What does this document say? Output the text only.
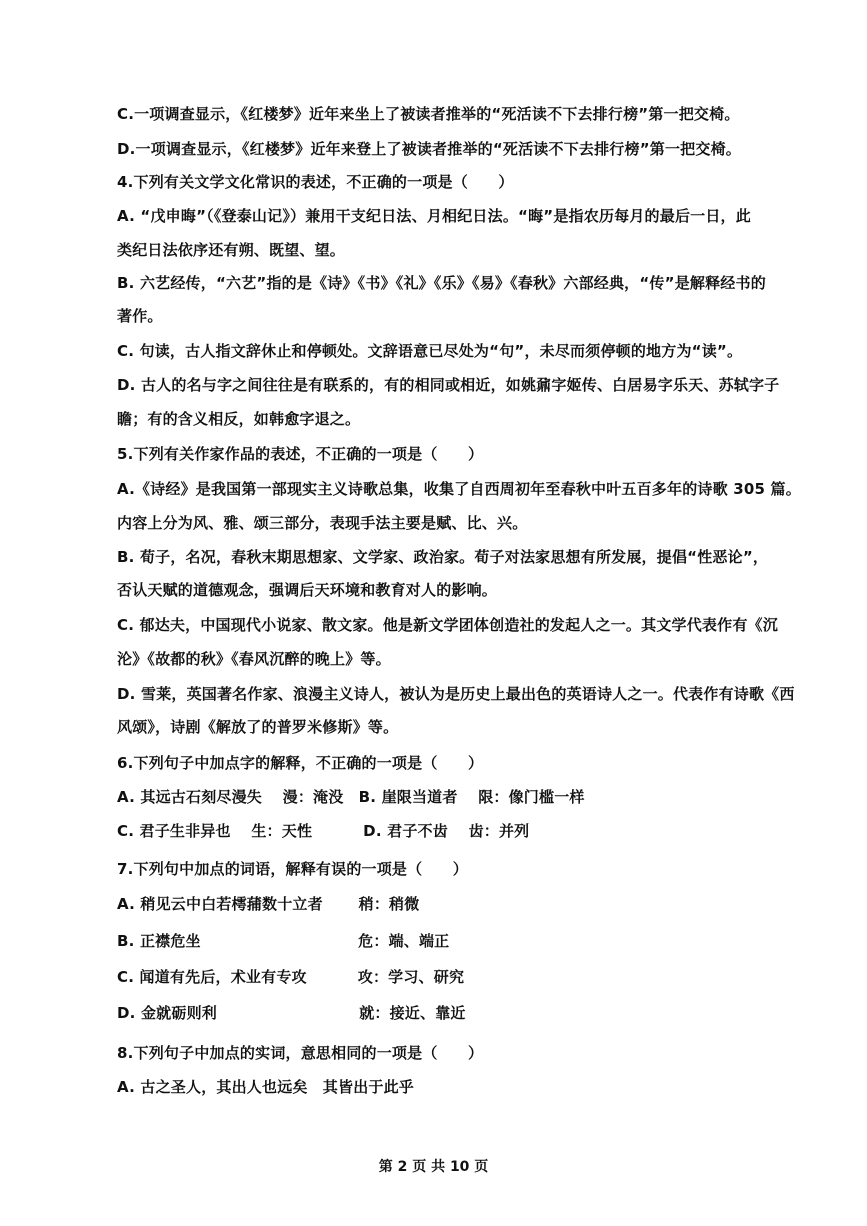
C.一项调查显示，《红楼梦》近年来坐上了被读者推举的“死活读不下去排行榜”第一把交椅。
D.一项调查显示，《红楼梦》近年来登上了被读者推举的“死活读不下去排行榜”第一把交椅。
4.下列有关文学文化常识的表述，不正确的一项是（　　）
A. “戊申晦”（《登泰山记》）兼用干支纪日法、月相纪日法。“晦”是指农历每月的最后一日，此
类纪日法依序还有朔、既望、望。
B. 六艺经传，“六艺”指的是《诗》《书》《礼》《乐》《易》《春秋》六部经典，“传”是解释经书的
著作。
C. 句读，古人指文辞休止和停顿处。文辞语意已尽处为“句”，未尽而须停顿的地方为“读”。
D. 古人的名与字之间往往是有联系的，有的相同或相近，如姚鼐字姬传、白居易字乐天、苏轼字子
瞻；有的含义相反，如韩愈字退之。
5.下列有关作家作品的表述，不正确的一项是（　　）
A.《诗经》是我国第一部现实主义诗歌总集，收集了自西周初年至春秋中叶五百多年的诗歌 305 篇。
内容上分为风、雅、颂三部分，表现手法主要是赋、比、兴。
B. 荀子，名况，春秋末期思想家、文学家、政治家。荀子对法家思想有所发展，提倡“性恶论”，
否认天赋的道德观念，强调后天环境和教育对人的影响。
C. 郁达夫，中国现代小说家、散文家。他是新文学团体创造社的发起人之一。其文学代表作有《沉
沦》《故都的秋》《春风沉醉的晚上》等。
D. 雪莱，英国著名作家、浪漫主义诗人，被认为是历史上最出色的英语诗人之一。代表作有诗歌《西
风颂》，诗剧《解放了的普罗米修斯》等。
6.下列句子中加点字的解释，不正确的一项是（　　）
A. 其远古石刻尽漫失　 漫：淹没　B. 崖限当道者　 限：像门槛一样
C. 君子生非异也　 生：天性　　　 D. 君子不齿　 齿：并列
7.下列句中加点的词语，解释有误的一项是（　　）
A. 稍见云中白若樗蒱数十立者　　 稍：稍微
B. 正襟危坐　　　　　　　　　　 危：端、端正
C. 闻道有先后，术业有专攻　　　 攻：学习、研究
D. 金就砺则利　　　　　　　　　 就：接近、靠近
8.下列句子中加点的实词，意思相同的一项是（　　）
A. 古之圣人，其出人也远矣　其皆出于此乎
第 2 页 共 10 页
